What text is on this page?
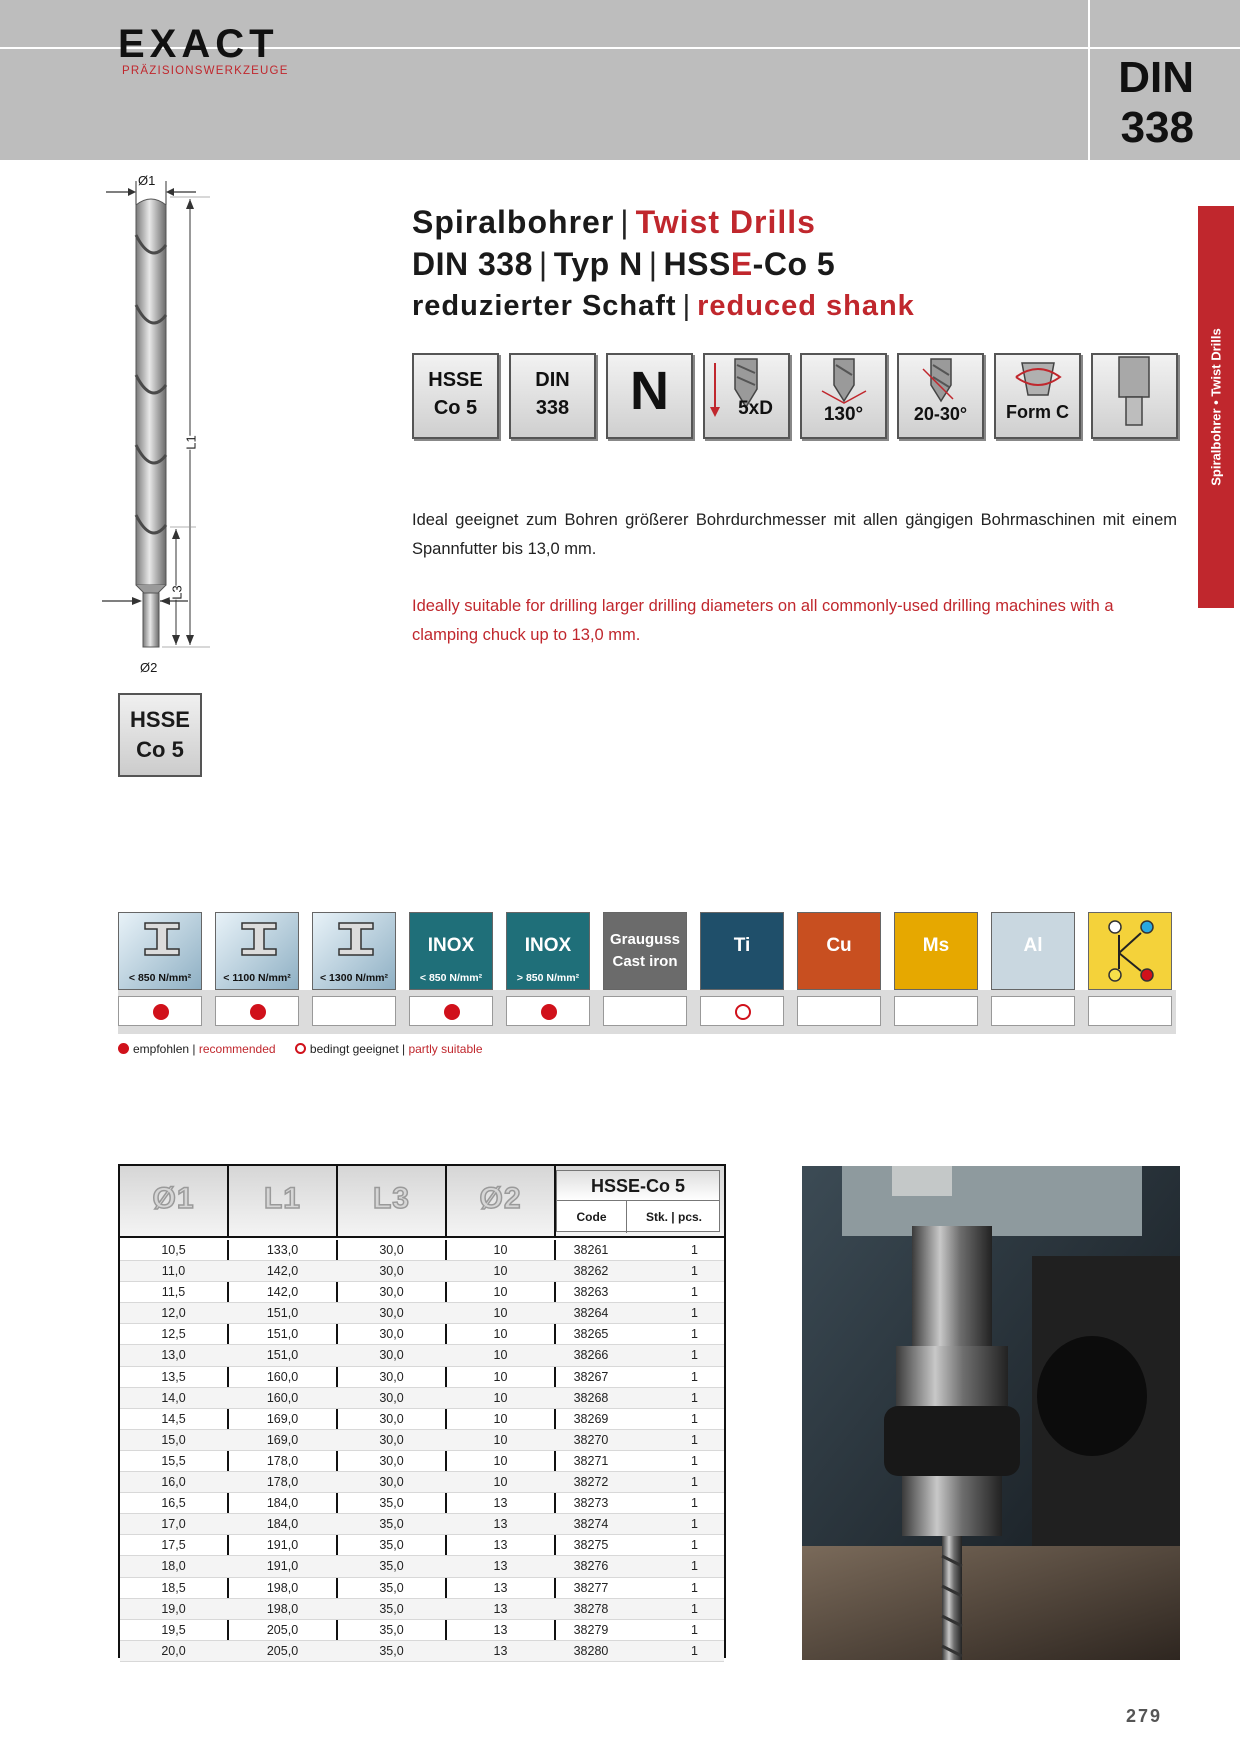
EXACT
PRÄZISIONSWERKZEUGE	DIN
338
Spiralbohrer • Twist Drills
Spiralbohrer | Twist Drills
DIN 338 | Typ N | HSSE-Co 5
reduzierter Schaft | reduced shank
HSSE
Co 5
DIN
338	N	5xD	130°	20-30°	Form C
Ideal geeignet zum Bohren größerer Bohrdurchmesser mit allen gängigen Bohrmaschinen mit einem Spannfutter bis 13,0 mm.
Ideally suitable for drilling larger drilling diameters on all commonly-used drilling machines with a clamping chuck up to 13,0 mm.
Ø1
L1
L3
Ø2
HSSE
Co 5
< 850 N/mm²	< 1100 N/mm²	< 1300 N/mm²
INOX
< 850 N/mm²
INOX
> 850 N/mm²
Grauguss
Cast iron
Ti	Cu	Ms	Al
empfohlen | recommended	bedingt geeignet | partly suitable
Ø1	L1	L3	Ø2	HSSE-Co 5
Code	Stk. | pcs.
10,5	133,0	30,0	10	38261	1
11,0	142,0	30,0	10	38262	1
11,5	142,0	30,0	10	38263	1
12,0	151,0	30,0	10	38264	1
12,5	151,0	30,0	10	38265	1
13,0	151,0	30,0	10	38266	1
13,5	160,0	30,0	10	38267	1
14,0	160,0	30,0	10	38268	1
14,5	169,0	30,0	10	38269	1
15,0	169,0	30,0	10	38270	1
15,5	178,0	30,0	10	38271	1
16,0	178,0	30,0	10	38272	1
16,5	184,0	35,0	13	38273	1
17,0	184,0	35,0	13	38274	1
17,5	191,0	35,0	13	38275	1
18,0	191,0	35,0	13	38276	1
18,5	198,0	35,0	13	38277	1
19,0	198,0	35,0	13	38278	1
19,5	205,0	35,0	13	38279	1
20,0	205,0	35,0	13	38280	1
279
